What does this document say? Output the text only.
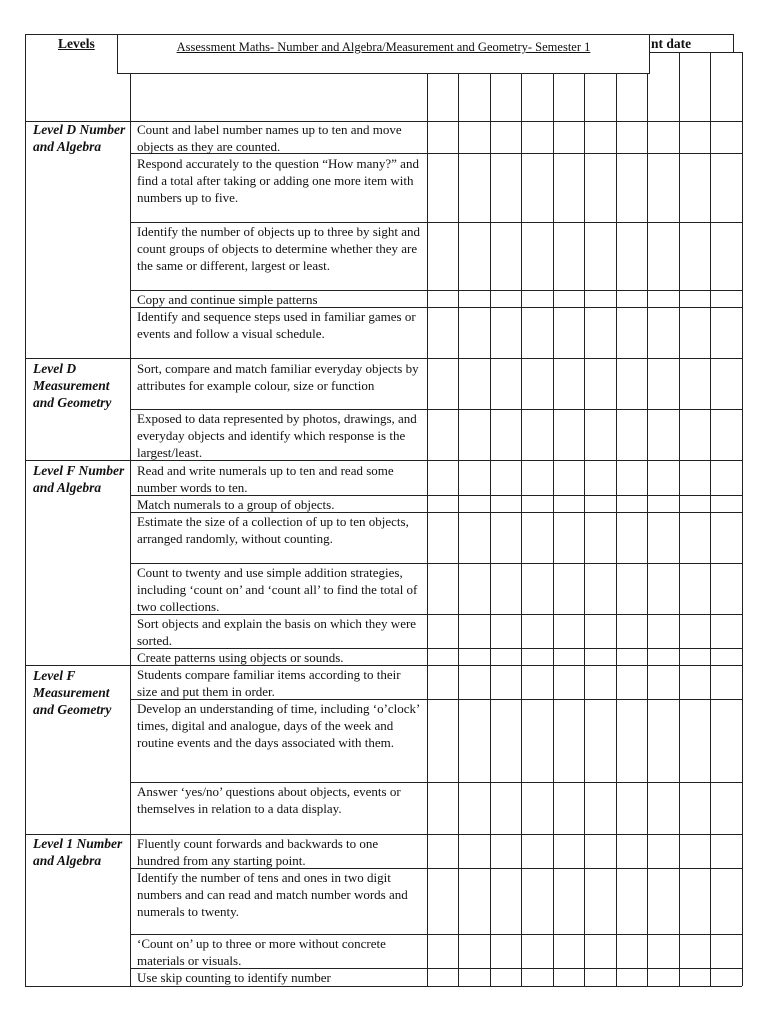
Levels	nt date
Assessment Maths- Number and Algebra/Measurement and Geometry- Semester 1
Level D Number and Algebra
Level D Measurement and Geometry
Level F Number and Algebra
Level F Measurement and Geometry
Level 1 Number and Algebra
Count and label number names up to ten and move objects as they are counted.
Respond accurately to the question “How many?” and find a total after taking or adding one more item with numbers up to five.
Identify the number of objects up to three by sight and count groups of objects to determine whether they are the same or different, largest or least.
Copy and continue simple patterns
Identify and sequence steps used in familiar games or events and follow a visual schedule.
Sort, compare and match familiar everyday objects by attributes for example colour, size or function
Exposed to data represented by photos, drawings, and everyday objects and identify which response is the largest/least.
Read and write numerals up to ten and read some number words to ten.
Match numerals to a group of objects.
Estimate the size of a collection of up to ten objects, arranged randomly, without counting.
Count to twenty and use simple addition strategies, including ‘count on’ and ‘count all’ to find the total of two collections.
Sort objects and explain the basis on which they were sorted.
Create patterns using objects or sounds.
Students compare familiar items according to their size and put them in order.
Develop an understanding of time, including ‘o’clock’ times, digital and analogue, days of the week and routine events and the days associated with them.
Answer ‘yes/no’ questions about objects, events or themselves in relation to a data display.
Fluently count forwards and backwards to one hundred from any starting point.
Identify the number of tens and ones in two digit numbers and can read and match number words and numerals to twenty.
‘Count on’ up to three or more without concrete materials or visuals.
Use skip counting to identify number
